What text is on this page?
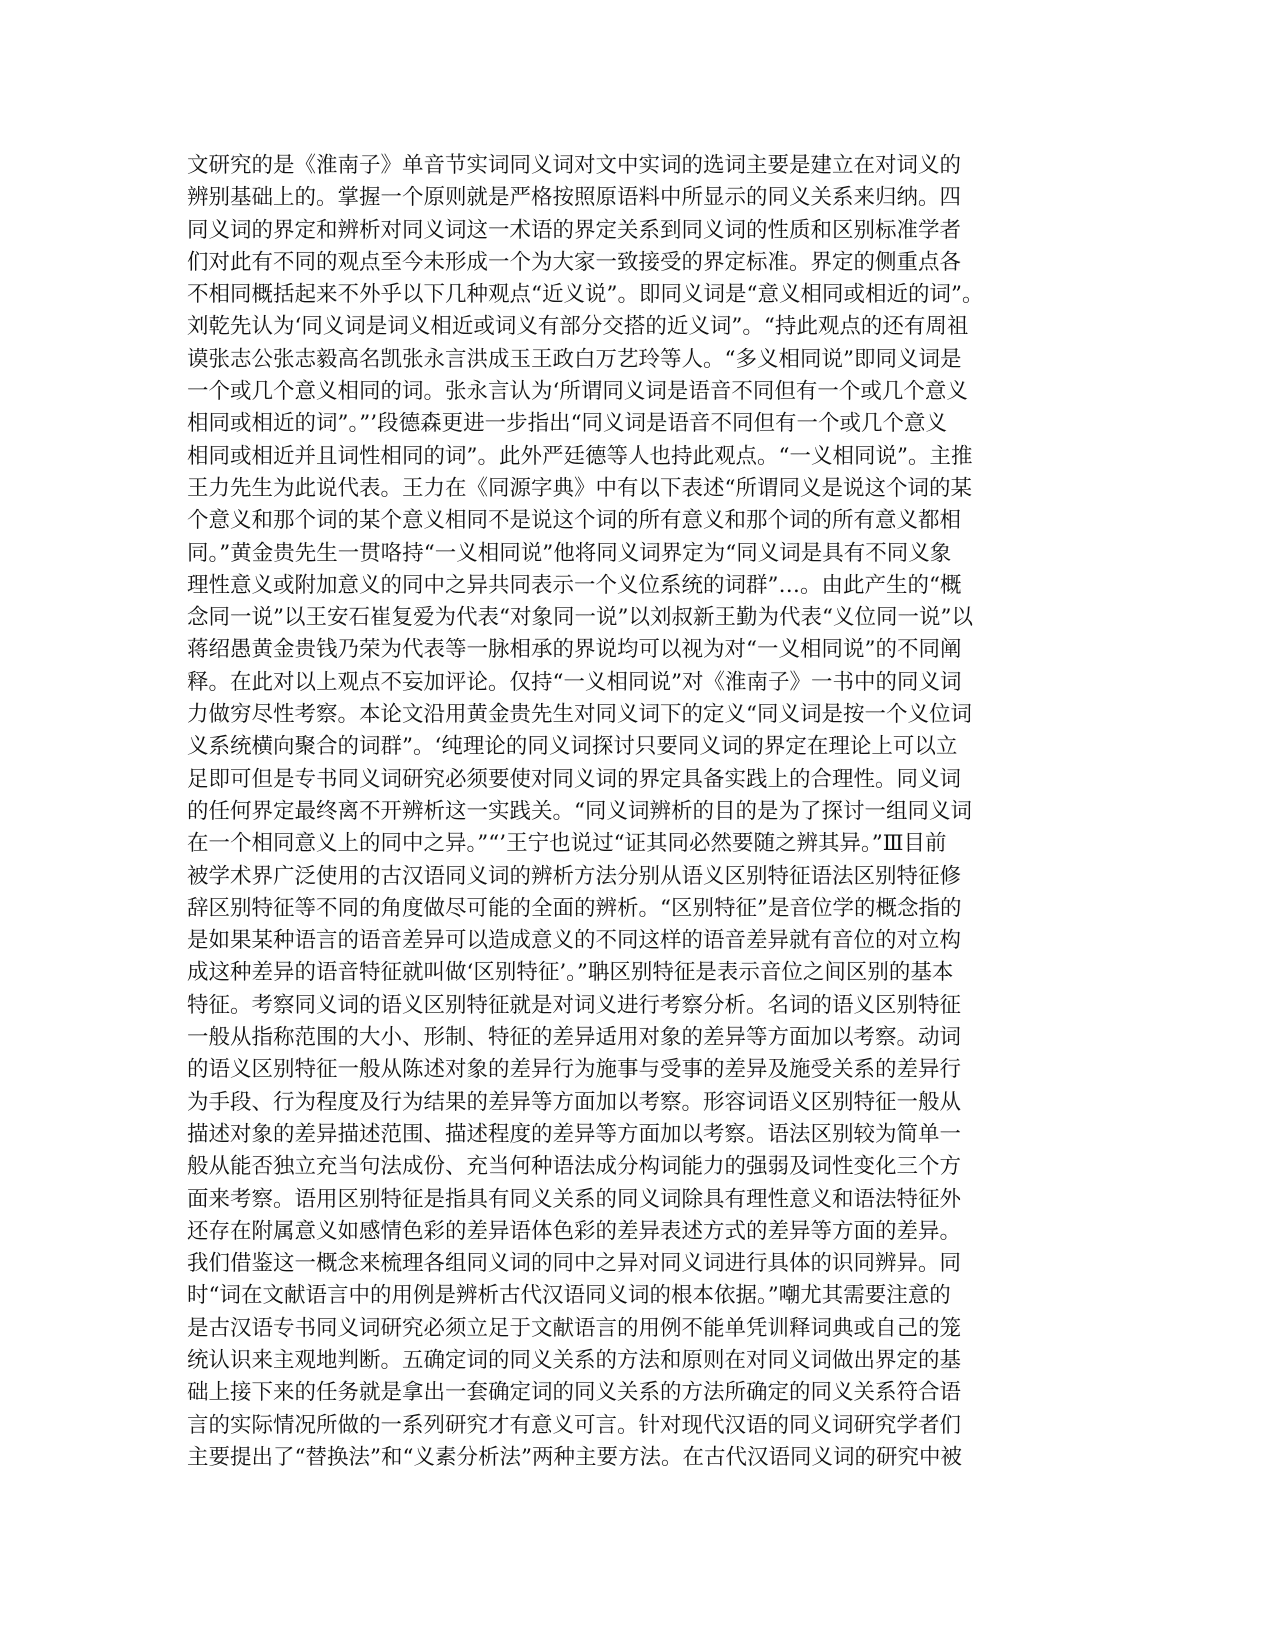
文研究的是《淮南子》单音节实词同义词对文中实词的选词主要是建立在对词义的
辨别基础上的。掌握一个原则就是严格按照原语料中所显示的同义关系来归纳。四
同义词的界定和辨析对同义词这一术语的界定关系到同义词的性质和区别标准学者
们对此有不同的观点至今未形成一个为大家一致接受的界定标准。界定的侧重点各
不相同概括起来不外乎以下几种观点“近义说”。即同义词是“意义相同或相近的词”。
刘乾先认为‘同义词是词义相近或词义有部分交搭的近义词”。“持此观点的还有周祖
谟张志公张志毅高名凯张永言洪成玉王政白万艺玲等人。“多义相同说”即同义词是
一个或几个意义相同的词。张永言认为‘所谓同义词是语音不同但有一个或几个意义
相同或相近的词”。”’段德森更进一步指出“同义词是语音不同但有一个或几个意义
相同或相近并且词性相同的词”。此外严廷德等人也持此观点。“一义相同说”。主推
王力先生为此说代表。王力在《同源字典》中有以下表述“所谓同义是说这个词的某
个意义和那个词的某个意义相同不是说这个词的所有意义和那个词的所有意义都相
同。”黄金贵先生一贯咯持“一义相同说”他将同义词界定为“同义词是具有不同义象
理性意义或附加意义的同中之异共同表示一个义位系统的词群”…。由此产生的“概
念同一说”以王安石崔复爱为代表“对象同一说”以刘叔新王勤为代表“义位同一说”以
蒋绍愚黄金贵钱乃荣为代表等一脉相承的界说均可以视为对“一义相同说”的不同阐
释。在此对以上观点不妄加评论。仅持“一义相同说”对《淮南子》一书中的同义词
力做穷尽性考察。本论文沿用黄金贵先生对同义词下的定义“同义词是按一个义位词
义系统横向聚合的词群”。‘纯理论的同义词探讨只要同义词的界定在理论上可以立
足即可但是专书同义词研究必须要使对同义词的界定具备实践上的合理性。同义词
的任何界定最终离不开辨析这一实践关。“同义词辨析的目的是为了探讨一组同义词
在一个相同意义上的同中之异。”“’王宁也说过“证其同必然要随之辨其异。”Ⅲ目前
被学术界广泛使用的古汉语同义词的辨析方法分别从语义区别特征语法区别特征修
辞区别特征等不同的角度做尽可能的全面的辨析。“区别特征”是音位学的概念指的
是如果某种语言的语音差异可以造成意义的不同这样的语音差异就有音位的对立构
成这种差异的语音特征就叫做‘区别特征’。”聃区别特征是表示音位之间区别的基本
特征。考察同义词的语义区别特征就是对词义进行考察分析。名词的语义区别特征
一般从指称范围的大小、形制、特征的差异适用对象的差异等方面加以考察。动词
的语义区别特征一般从陈述对象的差异行为施事与受事的差异及施受关系的差异行
为手段、行为程度及行为结果的差异等方面加以考察。形容词语义区别特征一般从
描述对象的差异描述范围、描述程度的差异等方面加以考察。语法区别较为简单一
般从能否独立充当句法成份、充当何种语法成分构词能力的强弱及词性变化三个方
面来考察。语用区别特征是指具有同义关系的同义词除具有理性意义和语法特征外
还存在附属意义如感情色彩的差异语体色彩的差异表述方式的差异等方面的差异。
我们借鉴这一概念来梳理各组同义词的同中之异对同义词进行具体的识同辨异。同
时“词在文献语言中的用例是辨析古代汉语同义词的根本依据。”嘲尤其需要注意的
是古汉语专书同义词研究必须立足于文献语言的用例不能单凭训释词典或自己的笼
统认识来主观地判断。五确定词的同义关系的方法和原则在对同义词做出界定的基
础上接下来的任务就是拿出一套确定词的同义关系的方法所确定的同义关系符合语
言的实际情况所做的一系列研究才有意义可言。针对现代汉语的同义词研究学者们
主要提出了“替换法”和“义素分析法”两种主要方法。在古代汉语同义词的研究中被
